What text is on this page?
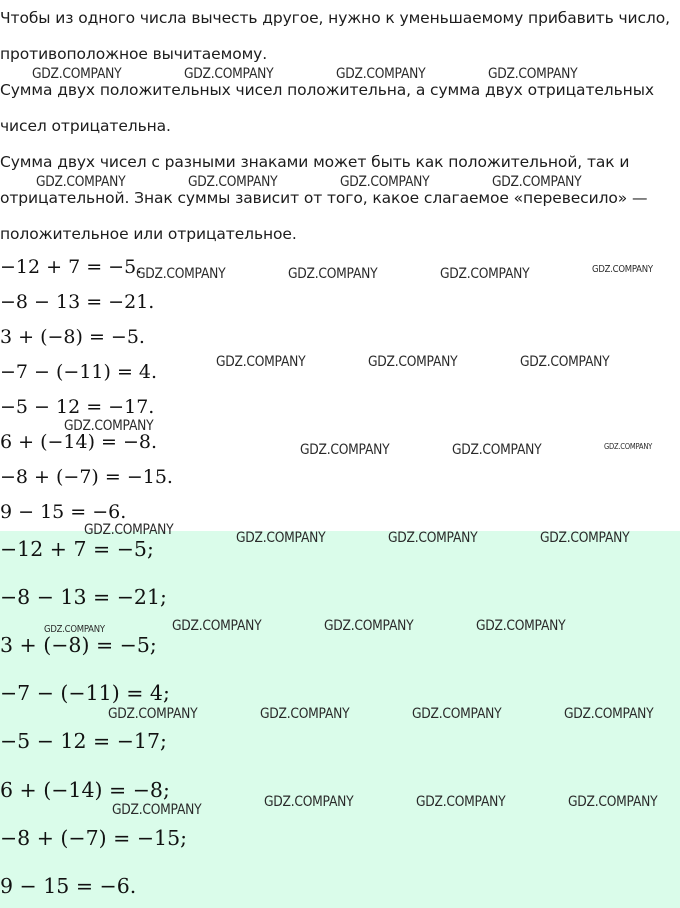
Чтобы из одного числа вычесть другое, нужно к уменьшаемому прибавить число, противоположное вычитаемому.

Сумма двух положительных чисел положительна, а сумма двух отрицательных чисел отрицательна.

Сумма двух чисел с разными знаками может быть как положительной, так и отрицательной. Знак суммы зависит от того, какое слагаемое «перевесило» — положительное или отрицательное.

−12 + 7 = −5.
−8 − 13 = −21.
3 + (−8) = −5.
−7 − (−11) = 4.
−5 − 12 = −17.
6 + (−14) = −8.
−8 + (−7) = −15.
9 − 15 = −6.
−12 + 7 = −5;
−8 − 13 = −21;
3 + (−8) = −5;
−7 − (−11) = 4;
−5 − 12 = −17;
6 + (−14) = −8;
−8 + (−7) = −15;
9 − 15 = −6.
GDZ.COMPANY	GDZ.COMPANY	GDZ.COMPANY	GDZ.COMPANY
GDZ.COMPANY	GDZ.COMPANY	GDZ.COMPANY	GDZ.COMPANY
GDZ.COMPANY	GDZ.COMPANY	GDZ.COMPANY	GDZ.COMPANY
GDZ.COMPANY	GDZ.COMPANY	GDZ.COMPANY
GDZ.COMPANY
GDZ.COMPANY	GDZ.COMPANY	GDZ.COMPANY
GDZ.COMPANY	GDZ.COMPANY	GDZ.COMPANY	GDZ.COMPANY
GDZ.COMPANY	GDZ.COMPANY	GDZ.COMPANY	GDZ.COMPANY
GDZ.COMPANY	GDZ.COMPANY	GDZ.COMPANY	GDZ.COMPANY
GDZ.COMPANY	GDZ.COMPANY	GDZ.COMPANY
GDZ.COMPANY
